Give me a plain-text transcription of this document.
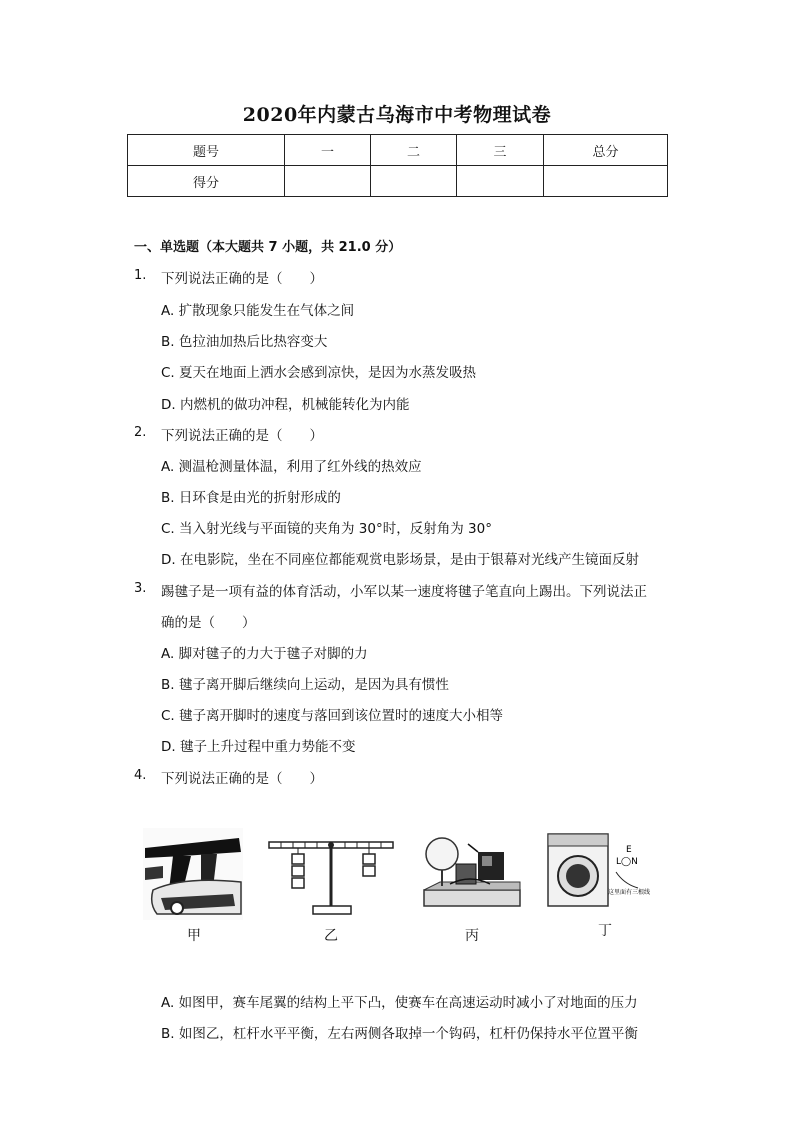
2020年内蒙古乌海市中考物理试卷
题号	一	二	三	总分
得分				
一、单选题（本大题共 7 小题，共 21.0 分）
1. 下列说法正确的是（　　）
A. 扩散现象只能发生在气体之间
B. 色拉油加热后比热容变大
C. 夏天在地面上洒水会感到凉快，是因为水蒸发吸热
D. 内燃机的做功冲程，机械能转化为内能
2. 下列说法正确的是（　　）
A. 测温枪测量体温，利用了红外线的热效应
B. 日环食是由光的折射形成的
C. 当入射光线与平面镜的夹角为 30°时，反射角为 30°
D. 在电影院，坐在不同座位都能观赏电影场景，是由于银幕对光线产生镜面反射
3. 踢毽子是一项有益的体育活动，小军以某一速度将毽子笔直向上踢出。下列说法正
确的是（　　）
A. 脚对毽子的力大于毽子对脚的力
B. 毽子离开脚后继续向上运动，是因为具有惯性
C. 毽子离开脚时的速度与落回到该位置时的速度大小相等
D. 毽子上升过程中重力势能不变
4. 下列说法正确的是（　　）
E
L◯N
这里面有三根线
甲	乙	丙	丁
A. 如图甲，赛车尾翼的结构上平下凸，使赛车在高速运动时减小了对地面的压力
B. 如图乙，杠杆水平平衡，左右两侧各取掉一个钩码，杠杆仍保持水平位置平衡
